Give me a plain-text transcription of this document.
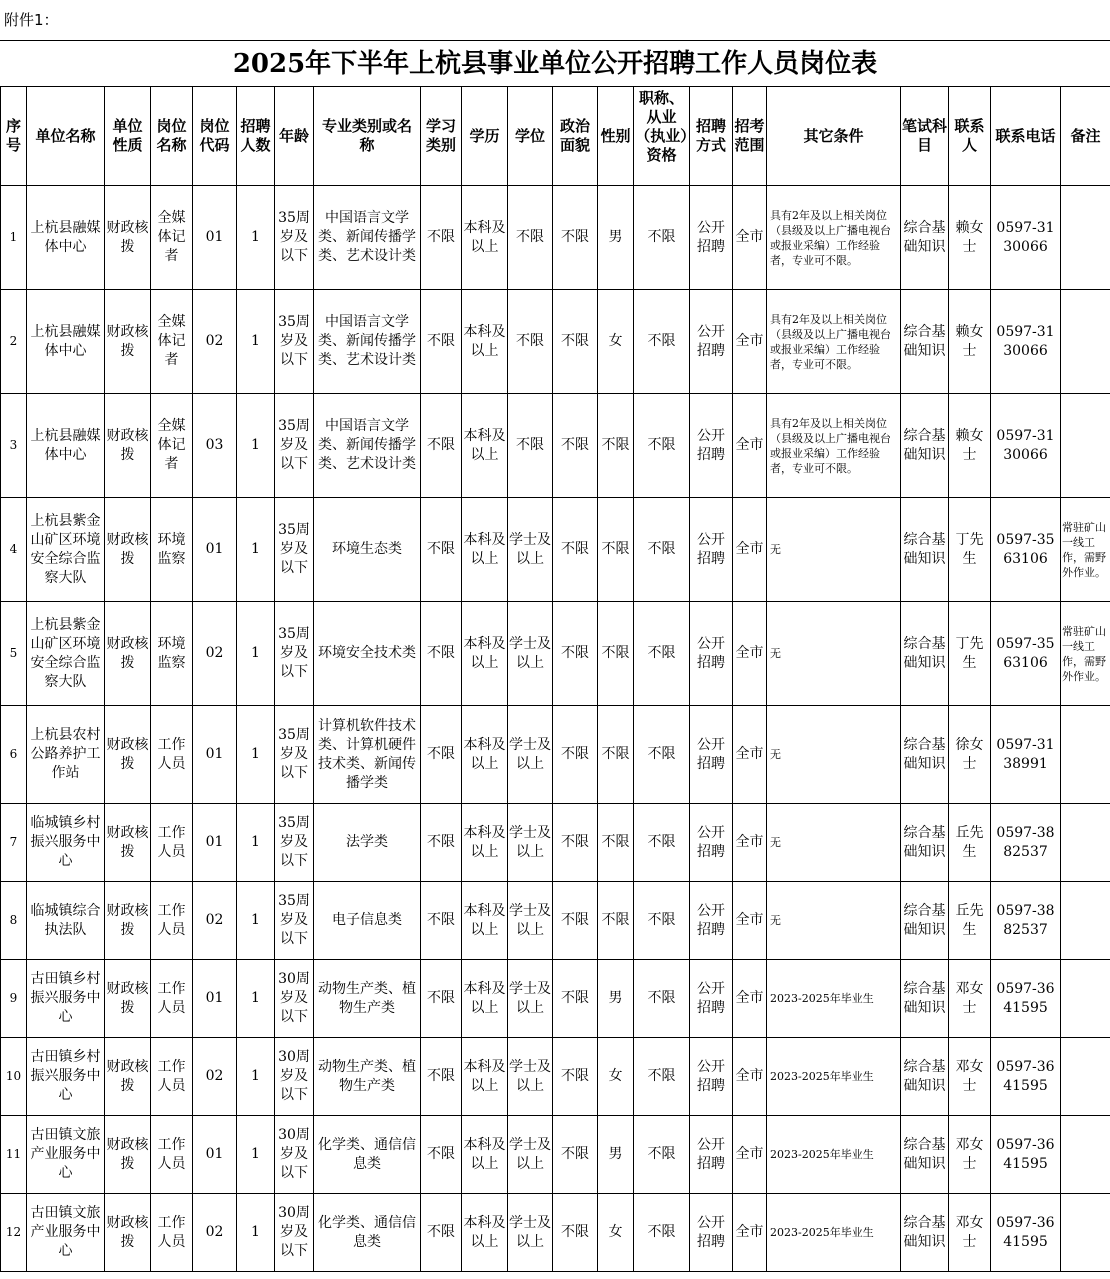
附件1：
2025年下半年上杭县事业单位公开招聘工作人员岗位表
序号	单位名称	单位性质	岗位名称	岗位代码	招聘人数	年龄	专业类别或名称	学习类别	学历	学位	政治面貌	性别	职称、从业（执业）资格	招聘方式	招考范围	其它条件	笔试科目	联系人	联系电话	备注
1	上杭县融媒体中心	财政核拨	全媒体记者	01	1	35周岁及以下	中国语言文学类、新闻传播学类、艺术设计类	不限	本科及以上	不限	不限	男	不限	公开招聘	全市	具有2年及以上相关岗位（县级及以上广播电视台或报业采编）工作经验者，专业可不限。	综合基础知识	赖女士	0597-3130066	
2	上杭县融媒体中心	财政核拨	全媒体记者	02	1	35周岁及以下	中国语言文学类、新闻传播学类、艺术设计类	不限	本科及以上	不限	不限	女	不限	公开招聘	全市	具有2年及以上相关岗位（县级及以上广播电视台或报业采编）工作经验者，专业可不限。	综合基础知识	赖女士	0597-3130066	
3	上杭县融媒体中心	财政核拨	全媒体记者	03	1	35周岁及以下	中国语言文学类、新闻传播学类、艺术设计类	不限	本科及以上	不限	不限	不限	不限	公开招聘	全市	具有2年及以上相关岗位（县级及以上广播电视台或报业采编）工作经验者，专业可不限。	综合基础知识	赖女士	0597-3130066	
4	上杭县紫金山矿区环境安全综合监察大队	财政核拨	环境监察	01	1	35周岁及以下	环境生态类	不限	本科及以上	学士及以上	不限	不限	不限	公开招聘	全市	无	综合基础知识	丁先生	0597-3563106	常驻矿山一线工作，需野外作业。
5	上杭县紫金山矿区环境安全综合监察大队	财政核拨	环境监察	02	1	35周岁及以下	环境安全技术类	不限	本科及以上	学士及以上	不限	不限	不限	公开招聘	全市	无	综合基础知识	丁先生	0597-3563106	常驻矿山一线工作，需野外作业。
6	上杭县农村公路养护工作站	财政核拨	工作人员	01	1	35周岁及以下	计算机软件技术类、计算机硬件技术类、新闻传播学类	不限	本科及以上	学士及以上	不限	不限	不限	公开招聘	全市	无	综合基础知识	徐女士	0597-3138991	
7	临城镇乡村振兴服务中心	财政核拨	工作人员	01	1	35周岁及以下	法学类	不限	本科及以上	学士及以上	不限	不限	不限	公开招聘	全市	无	综合基础知识	丘先生	0597-3882537	
8	临城镇综合执法队	财政核拨	工作人员	02	1	35周岁及以下	电子信息类	不限	本科及以上	学士及以上	不限	不限	不限	公开招聘	全市	无	综合基础知识	丘先生	0597-3882537	
9	古田镇乡村振兴服务中心	财政核拨	工作人员	01	1	30周岁及以下	动物生产类、植物生产类	不限	本科及以上	学士及以上	不限	男	不限	公开招聘	全市	2023-2025年毕业生	综合基础知识	邓女士	0597-3641595	
10	古田镇乡村振兴服务中心	财政核拨	工作人员	02	1	30周岁及以下	动物生产类、植物生产类	不限	本科及以上	学士及以上	不限	女	不限	公开招聘	全市	2023-2025年毕业生	综合基础知识	邓女士	0597-3641595	
11	古田镇文旅产业服务中心	财政核拨	工作人员	01	1	30周岁及以下	化学类、通信信息类	不限	本科及以上	学士及以上	不限	男	不限	公开招聘	全市	2023-2025年毕业生	综合基础知识	邓女士	0597-3641595	
12	古田镇文旅产业服务中心	财政核拨	工作人员	02	1	30周岁及以下	化学类、通信信息类	不限	本科及以上	学士及以上	不限	女	不限	公开招聘	全市	2023-2025年毕业生	综合基础知识	邓女士	0597-3641595	
